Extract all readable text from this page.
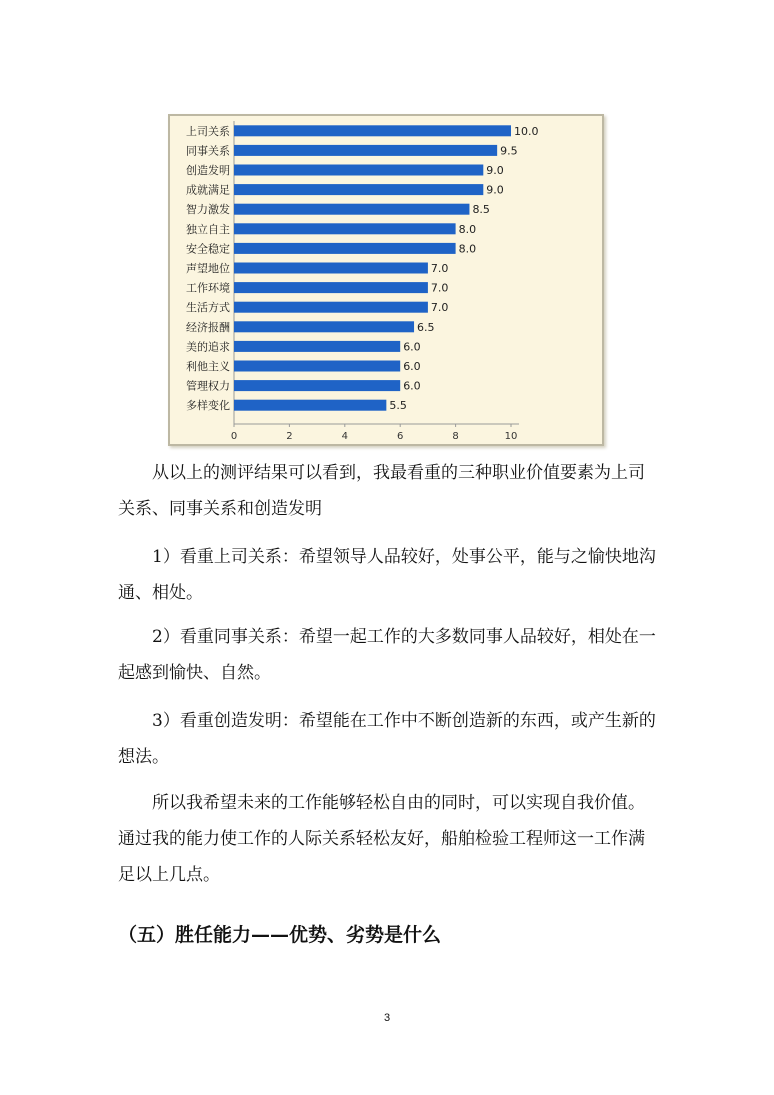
上司关系	10.0
同事关系	9.5
创造发明	9.0
成就满足	9.0
智力激发	8.5
独立自主	8.0
安全稳定	8.0
声望地位	7.0
工作环境	7.0
生活方式	7.0
经济报酬	6.5
美的追求	6.0
利他主义	6.0
管理权力	6.0
多样变化	5.5
0	2	4	6	8	10
从以上的测评结果可以看到，我最看重的三种职业价值要素为上司关系、同事关系和创造发明
1）看重上司关系：希望领导人品较好，处事公平，能与之愉快地沟通、相处。
2）看重同事关系：希望一起工作的大多数同事人品较好，相处在一起感到愉快、自然。
3）看重创造发明：希望能在工作中不断创造新的东西，或产生新的想法。
所以我希望未来的工作能够轻松自由的同时，可以实现自我价值。通过我的能力使工作的人际关系轻松友好，船舶检验工程师这一工作满足以上几点。
（五）胜任能力——优势、劣势是什么
3
